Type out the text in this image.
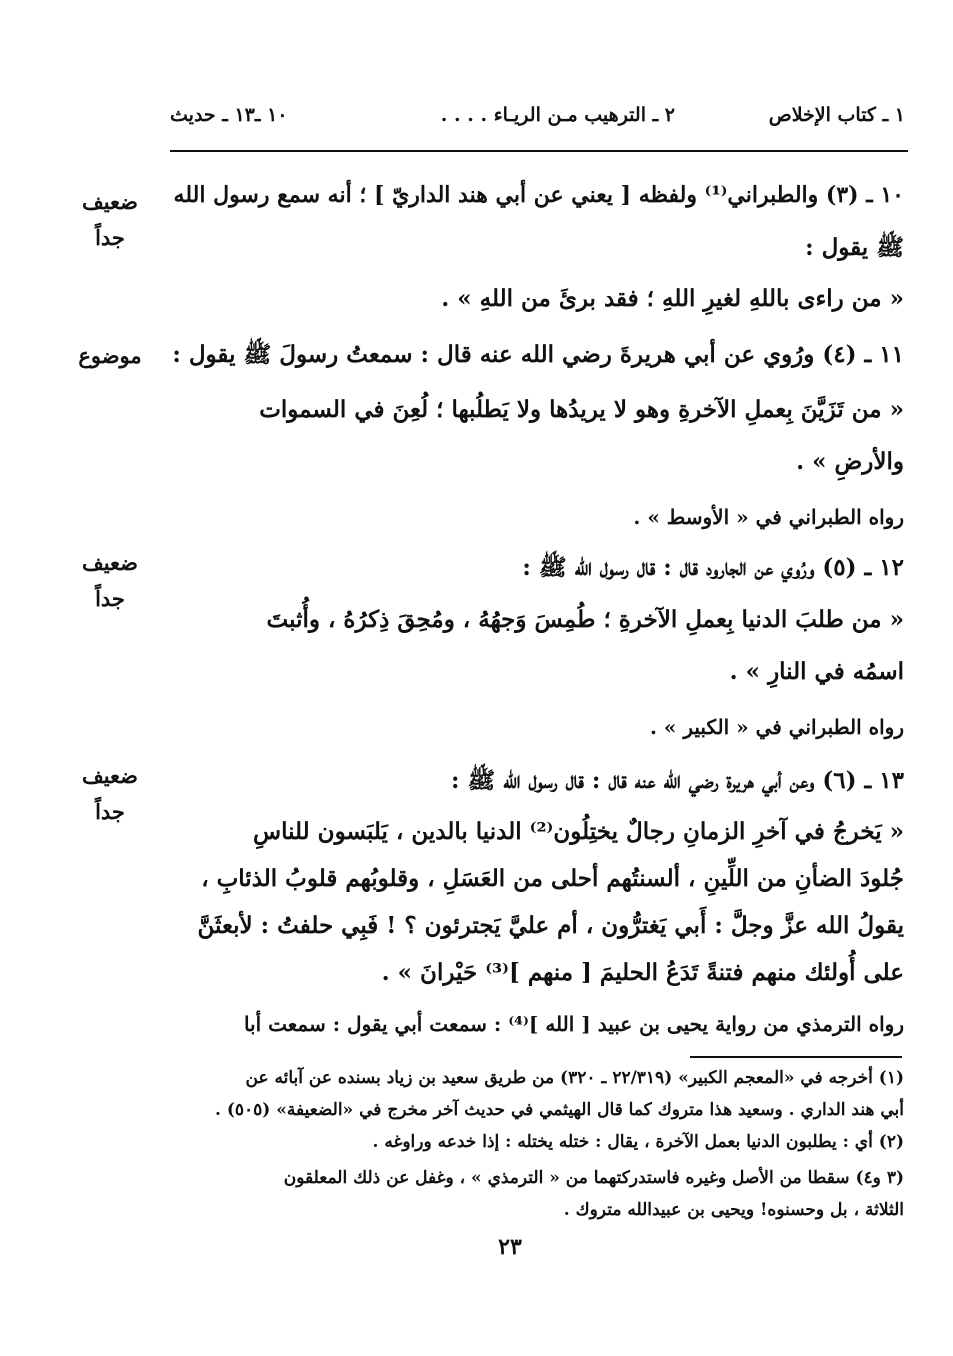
١ ـ كتاب الإخلاص
٢ ـ الترهيب مـن الريـاء . . . .
١٠ ـ١٣ ـ حديث
ضعيف
جداً
١٠ ـ (٣) والطبراني⁽¹⁾ ولفظه [ يعني عن أبي هند الداريّ ] ؛ أنه سمع رسول الله
ﷺ يقول :
« من راءى باللهِ لغيرِ اللهِ ؛ فقد برئَ من اللهِ » .
موضوع	١١ ـ (٤) ورُوي عن أبي هريرةَ رضي الله عنه قال : سمعتُ رسولَ ﷺ يقول :
« من تَزَيَّنَ بِعملِ الآخرةِ وهو لا يريدُها ولا يَطلُبها ؛ لُعِنَ في السموات
والأرضِ » .
رواه الطبراني في « الأوسط » .
ضعيف
جداً
١٢ ـ (٥) ورُوي عن الجارود قال : قال رسول الله ﷺ :
« من طلبَ الدنيا بِعملِ الآخرةِ ؛ طُمِسَ وَجهُهُ ، ومُحِقَ ذِكرُهُ ، وأُثبتَ
اسمُه في النارِ » .
رواه الطبراني في « الكبير » .
ضعيف
جداً
١٣ ـ (٦) وعن أبي هريرة رضي الله عنه قال : قال رسول الله ﷺ :
« يَخرجُ في آخرِ الزمانِ رجالٌ يختِلُون⁽²⁾ الدنيا بالدين ، يَلبَسون للناسِ
جُلودَ الضأنِ من اللِّينِ ، ألسنتُهم أحلى من العَسَلِ ، وقلوبُهم قلوبُ الذئابِ ،
يقولُ الله عزَّ وجلَّ : أَبي يَغترُّون ، أم عليَّ يَجترئون ؟ ! فَبِي حلفتُ : لأبعثَنَّ
على أُولئك منهم فتنةً تَدَعُ الحليمَ [ منهم ]⁽³⁾ حَيْرانَ » .
رواه الترمذي من رواية يحيى بن عبيد [ الله ]⁽⁴⁾ : سمعت أبي يقول : سمعت أبا
(١) أخرجه في «المعجم الكبير» (٢٢/٣١٩ ـ ٣٢٠) من طريق سعيد بن زياد بسنده عن آبائه عن
أبي هند الداري . وسعيد هذا متروك كما قال الهيثمي في حديث آخر مخرج في «الضعيفة» (٥٠٥) .
(٢) أي : يطلبون الدنيا بعمل الآخرة ، يقال : ختله يختله : إذا خدعه وراوغه .
(٣ و٤) سقطا من الأصل وغيره فاستدركتهما من « الترمذي » ، وغفل عن ذلك المعلقون
الثلاثة ، بل وحسنوه! ويحيى بن عبيدالله متروك .
٢٣
